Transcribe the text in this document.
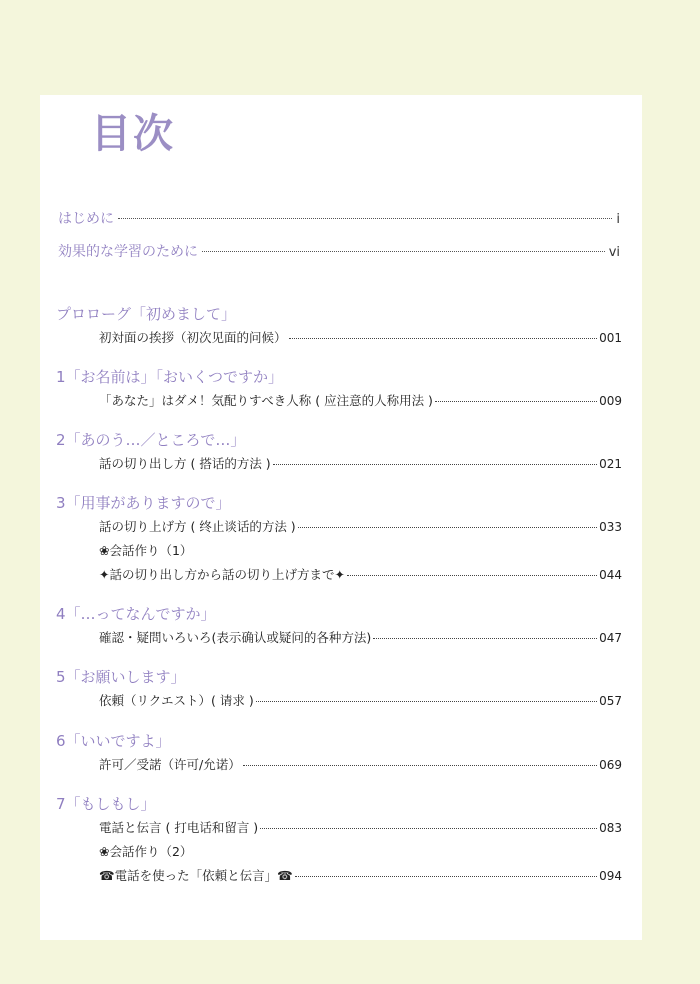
目次
はじめに	i
効果的な学習のために	vi
プロローグ「初めまして」
初対面の挨拶（初次见面的问候）	001
1「お名前は」「おいくつですか」
「あなた」はダメ！気配りすべき人称 ( 应注意的人称用法 )	009
2「あのう…／ところで…」
話の切り出し方 ( 搭话的方法 )	021
3「用事がありますので」
話の切り上げ方 ( 终止谈话的方法 )	033
❀会話作り（1）
✦話の切り出し方から話の切り上げ方まで✦	044
4「…ってなんですか」
確認・疑問いろいろ(表示确认或疑问的各种方法)	047
5「お願いします」
依頼（リクエスト）( 请求 )	057
6「いいですよ」
許可／受諾（许可/允诺）	069
7「もしもし」
電話と伝言 ( 打电话和留言 )	083
❀会話作り（2）
☎電話を使った「依頼と伝言」☎	094
